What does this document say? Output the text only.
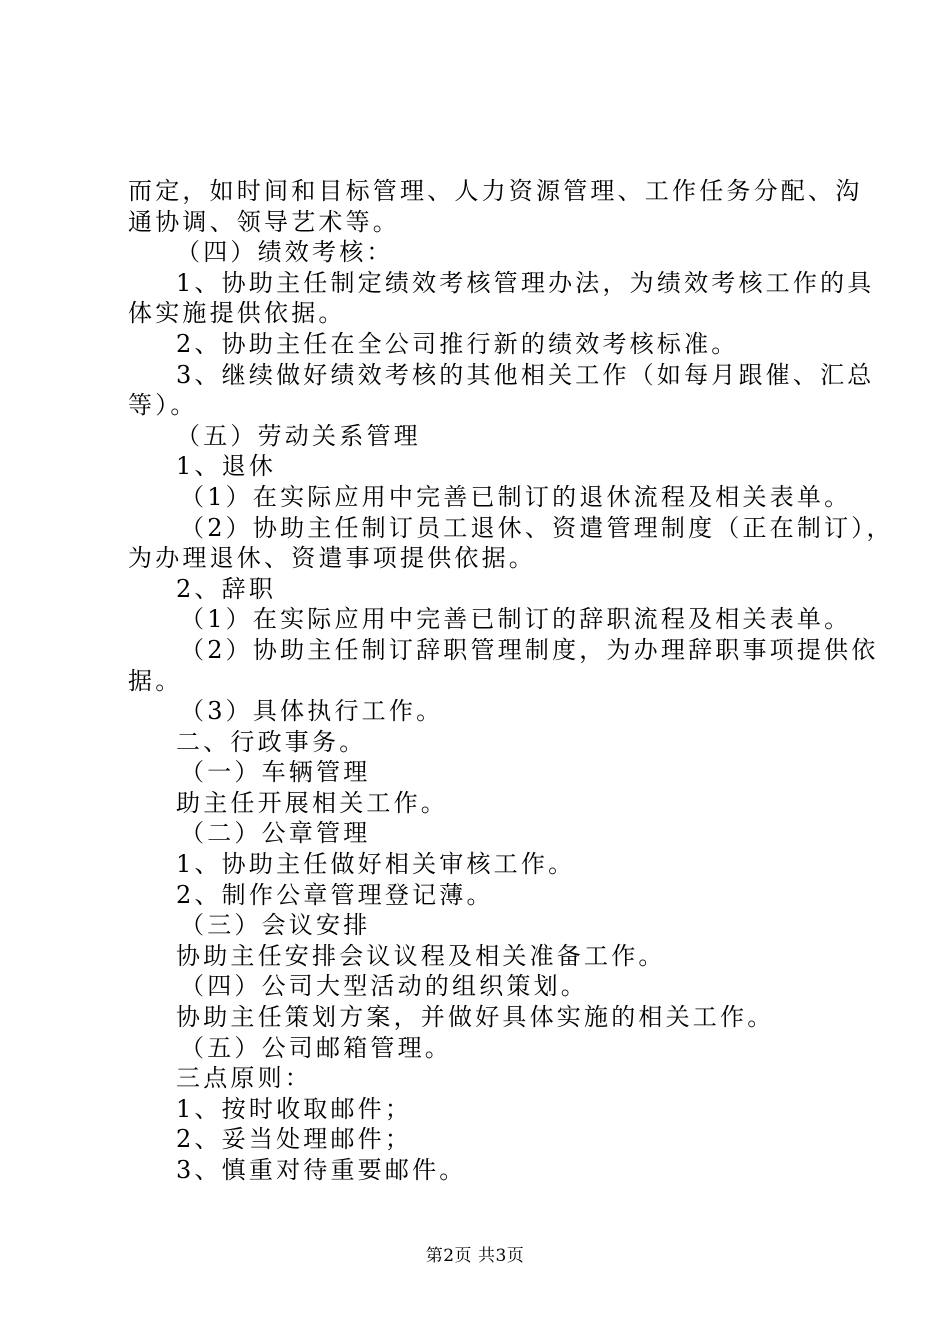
而定，如时间和目标管理、人力资源管理、工作任务分配、沟
通协调、领导艺术等。
（四）绩效考核：
1、协助主任制定绩效考核管理办法，为绩效考核工作的具
体实施提供依据。
2、协助主任在全公司推行新的绩效考核标准。
3、继续做好绩效考核的其他相关工作（如每月跟催、汇总
等）。
（五）劳动关系管理
1、退休
（1）在实际应用中完善已制订的退休流程及相关表单。
（2）协助主任制订员工退休、资遣管理制度（正在制订），
为办理退休、资遣事项提供依据。
2、辞职
（1）在实际应用中完善已制订的辞职流程及相关表单。
（2）协助主任制订辞职管理制度，为办理辞职事项提供依
据。
（3）具体执行工作。
二、行政事务。
（一）车辆管理
助主任开展相关工作。
（二）公章管理
1、协助主任做好相关审核工作。
2、制作公章管理登记薄。
（三）会议安排
协助主任安排会议议程及相关准备工作。
（四）公司大型活动的组织策划。
协助主任策划方案，并做好具体实施的相关工作。
（五）公司邮箱管理。
三点原则：
1、按时收取邮件；
2、妥当处理邮件；
3、慎重对待重要邮件。
第2页 共3页
